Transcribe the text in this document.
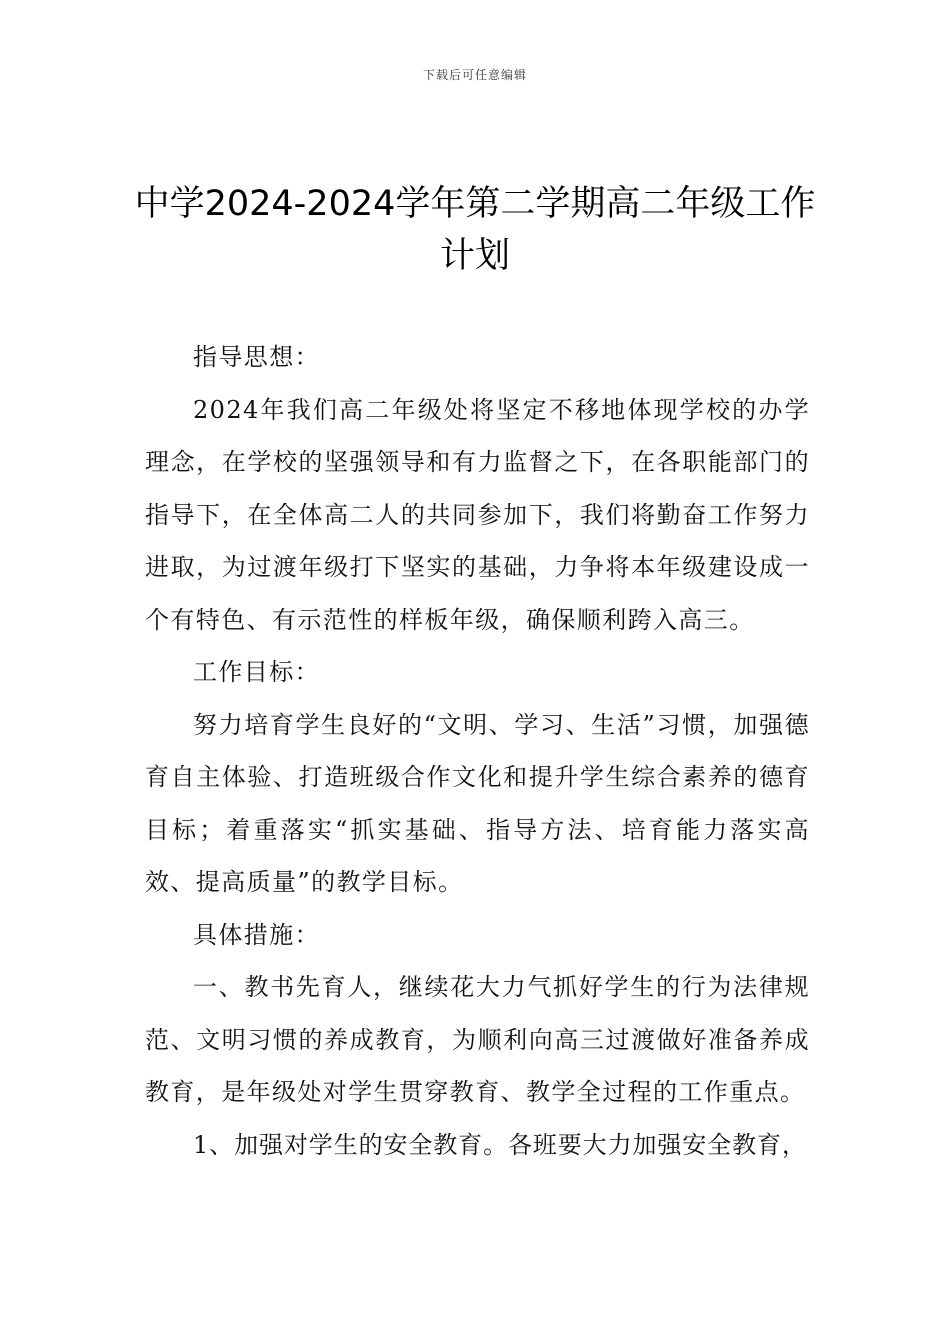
下载后可任意编辑
中学2024-2024学年第二学期高二年级工作计划

指导思想：

2024年我们高二年级处将坚定不移地体现学校的办学理念，在学校的坚强领导和有力监督之下，在各职能部门的指导下，在全体高二人的共同参加下，我们将勤奋工作努力进取，为过渡年级打下坚实的基础，力争将本年级建设成一个有特色、有示范性的样板年级，确保顺利跨入高三。

工作目标：

努力培育学生良好的“文明、学习、生活”习惯，加强德育自主体验、打造班级合作文化和提升学生综合素养的德育目标；着重落实“抓实基础、指导方法、培育能力落实高效、提高质量”的教学目标。

具体措施：

一、教书先育人，继续花大力气抓好学生的行为法律规范、文明习惯的养成教育，为顺利向高三过渡做好准备养成教育，是年级处对学生贯穿教育、教学全过程的工作重点。

1、加强对学生的安全教育。各班要大力加强安全教育，
